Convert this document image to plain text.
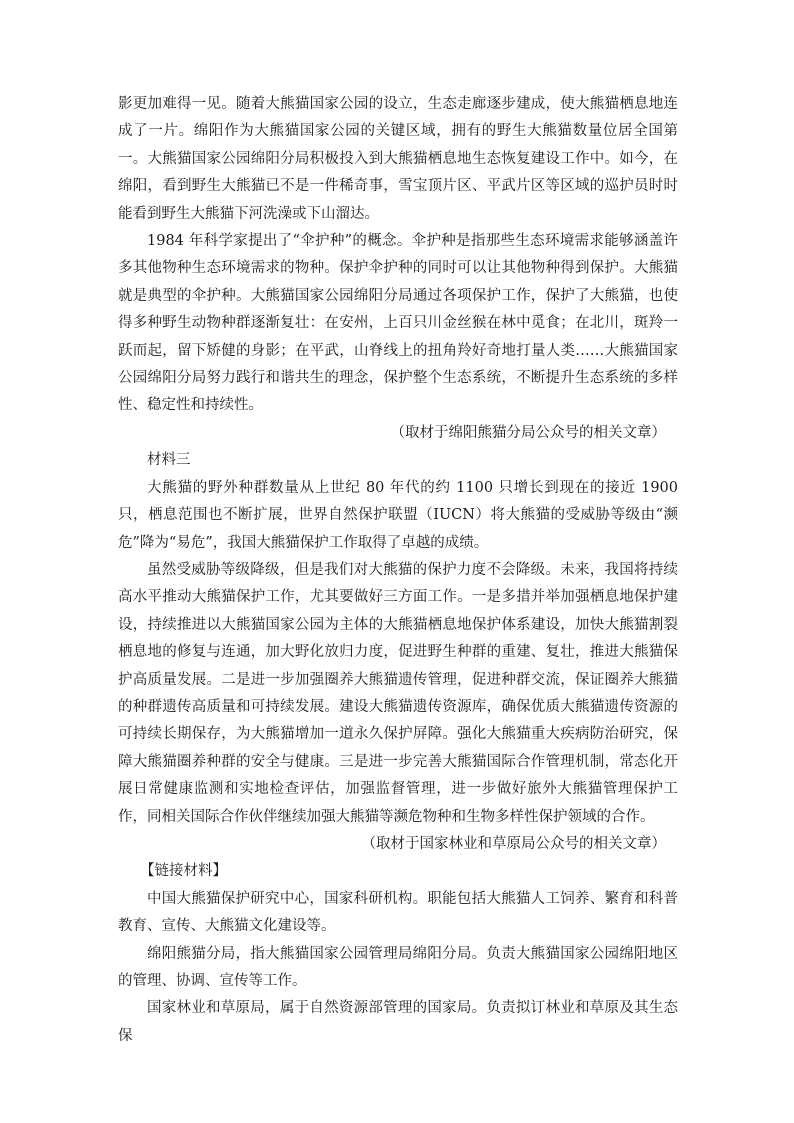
影更加难得一见。随着大熊猫国家公园的设立，生态走廊逐步建成，使大熊猫栖息地连成了一片。绵阳作为大熊猫国家公园的关键区域，拥有的野生大熊猫数量位居全国第一。大熊猫国家公园绵阳分局积极投入到大熊猫栖息地生态恢复建设工作中。如今，在绵阳，看到野生大熊猫已不是一件稀奇事，雪宝顶片区、平武片区等区域的巡护员时时能看到野生大熊猫下河洗澡或下山溜达。

1984 年科学家提出了“伞护种”的概念。伞护种是指那些生态环境需求能够涵盖许多其他物种生态环境需求的物种。保护伞护种的同时可以让其他物种得到保护。大熊猫就是典型的伞护种。大熊猫国家公园绵阳分局通过各项保护工作，保护了大熊猫，也使得多种野生动物种群逐渐复壮：在安州，上百只川金丝猴在林中觅食；在北川，斑羚一跃而起，留下矫健的身影；在平武，山脊线上的扭角羚好奇地打量人类……大熊猫国家公园绵阳分局努力践行和谐共生的理念，保护整个生态系统，不断提升生态系统的多样性、稳定性和持续性。

（取材于绵阳熊猫分局公众号的相关文章）

材料三

大熊猫的野外种群数量从上世纪 80 年代的约 1100 只增长到现在的接近 1900 只，栖息范围也不断扩展，世界自然保护联盟（IUCN）将大熊猫的受威胁等级由“濒危”降为“易危”，我国大熊猫保护工作取得了卓越的成绩。

虽然受威胁等级降级，但是我们对大熊猫的保护力度不会降级。未来，我国将持续高水平推动大熊猫保护工作，尤其要做好三方面工作。一是多措并举加强栖息地保护建设，持续推进以大熊猫国家公园为主体的大熊猫栖息地保护体系建设，加快大熊猫割裂栖息地的修复与连通，加大野化放归力度，促进野生种群的重建、复壮，推进大熊猫保护高质量发展。二是进一步加强圈养大熊猫遗传管理，促进种群交流，保证圈养大熊猫的种群遗传高质量和可持续发展。建设大熊猫遗传资源库，确保优质大熊猫遗传资源的可持续长期保存，为大熊猫增加一道永久保护屏障。强化大熊猫重大疾病防治研究，保障大熊猫圈养种群的安全与健康。三是进一步完善大熊猫国际合作管理机制，常态化开展日常健康监测和实地检查评估，加强监督管理，进一步做好旅外大熊猫管理保护工作，同相关国际合作伙伴继续加强大熊猫等濒危物种和生物多样性保护领域的合作。

（取材于国家林业和草原局公众号的相关文章）

【链接材料】

中国大熊猫保护研究中心，国家科研机构。职能包括大熊猫人工饲养、繁育和科普教育、宣传、大熊猫文化建设等。

绵阳熊猫分局，指大熊猫国家公园管理局绵阳分局。负责大熊猫国家公园绵阳地区的管理、协调、宣传等工作。

国家林业和草原局，属于自然资源部管理的国家局。负责拟订林业和草原及其生态保
